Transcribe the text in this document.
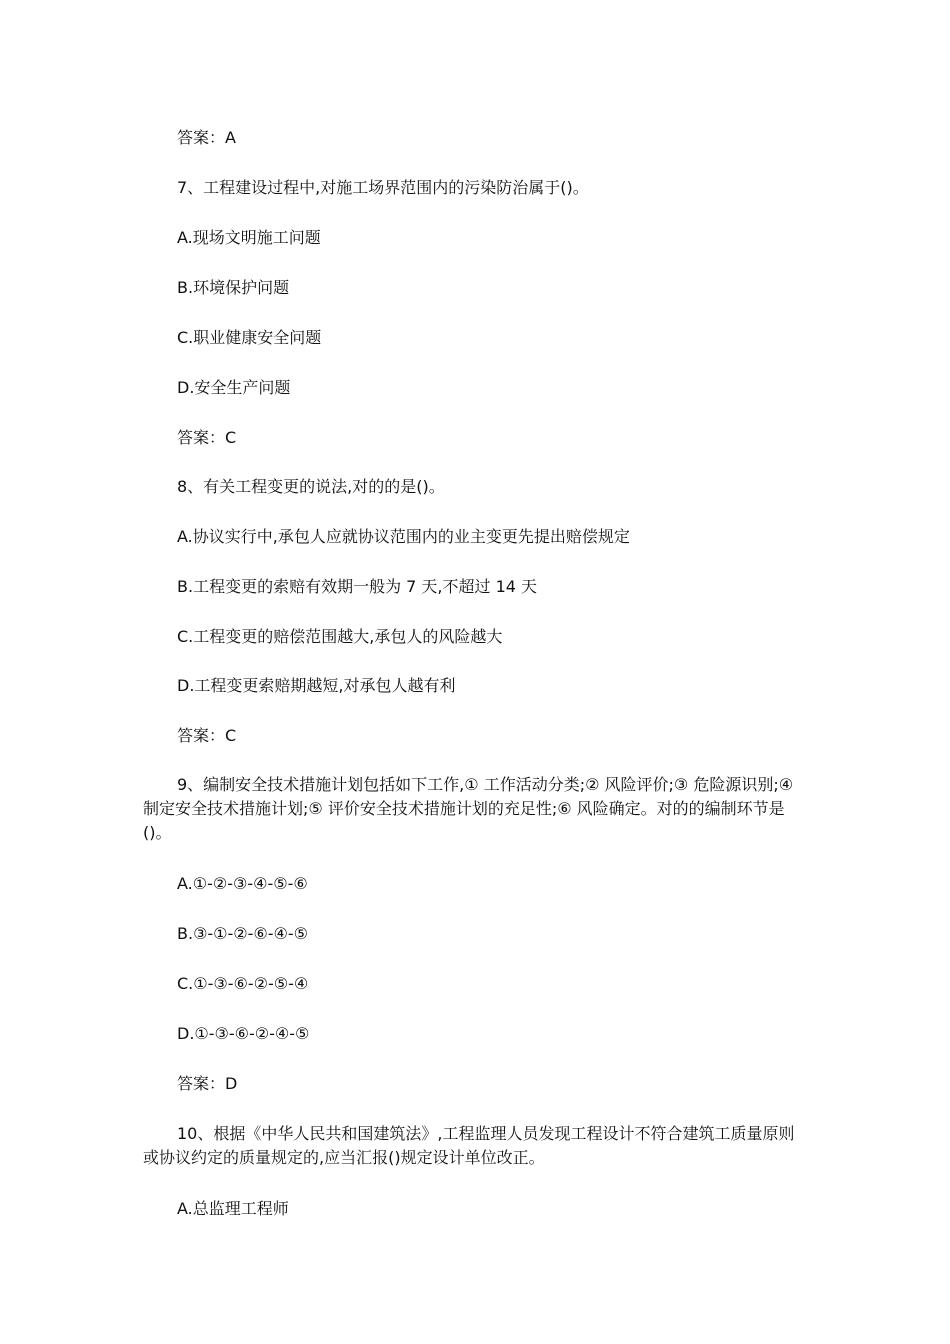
答案：A
7、工程建设过程中,对施工场界范围内的污染防治属于()。
A.现场文明施工问题
B.环境保护问题
C.职业健康安全问题
D.安全生产问题
答案：C
8、有关工程变更的说法,对的的是()。
A.协议实行中,承包人应就协议范围内的业主变更先提出赔偿规定
B.工程变更的索赔有效期一般为 7 天,不超过 14 天
C.工程变更的赔偿范围越大,承包人的风险越大
D.工程变更索赔期越短,对承包人越有利
答案：C
9、编制安全技术措施计划包括如下工作,① 工作活动分类;② 风险评价;③ 危险源识别;④ 制定安全技术措施计划;⑤ 评价安全技术措施计划的充足性;⑥ 风险确定。对的的编制环节是()。
A.①-②-③-④-⑤-⑥
B.③-①-②-⑥-④-⑤
C.①-③-⑥-②-⑤-④
D.①-③-⑥-②-④-⑤
答案：D
10、根据《中华人民共和国建筑法》,工程监理人员发现工程设计不符合建筑工质量原则或协议约定的质量规定的,应当汇报()规定设计单位改正。
A.总监理工程师
